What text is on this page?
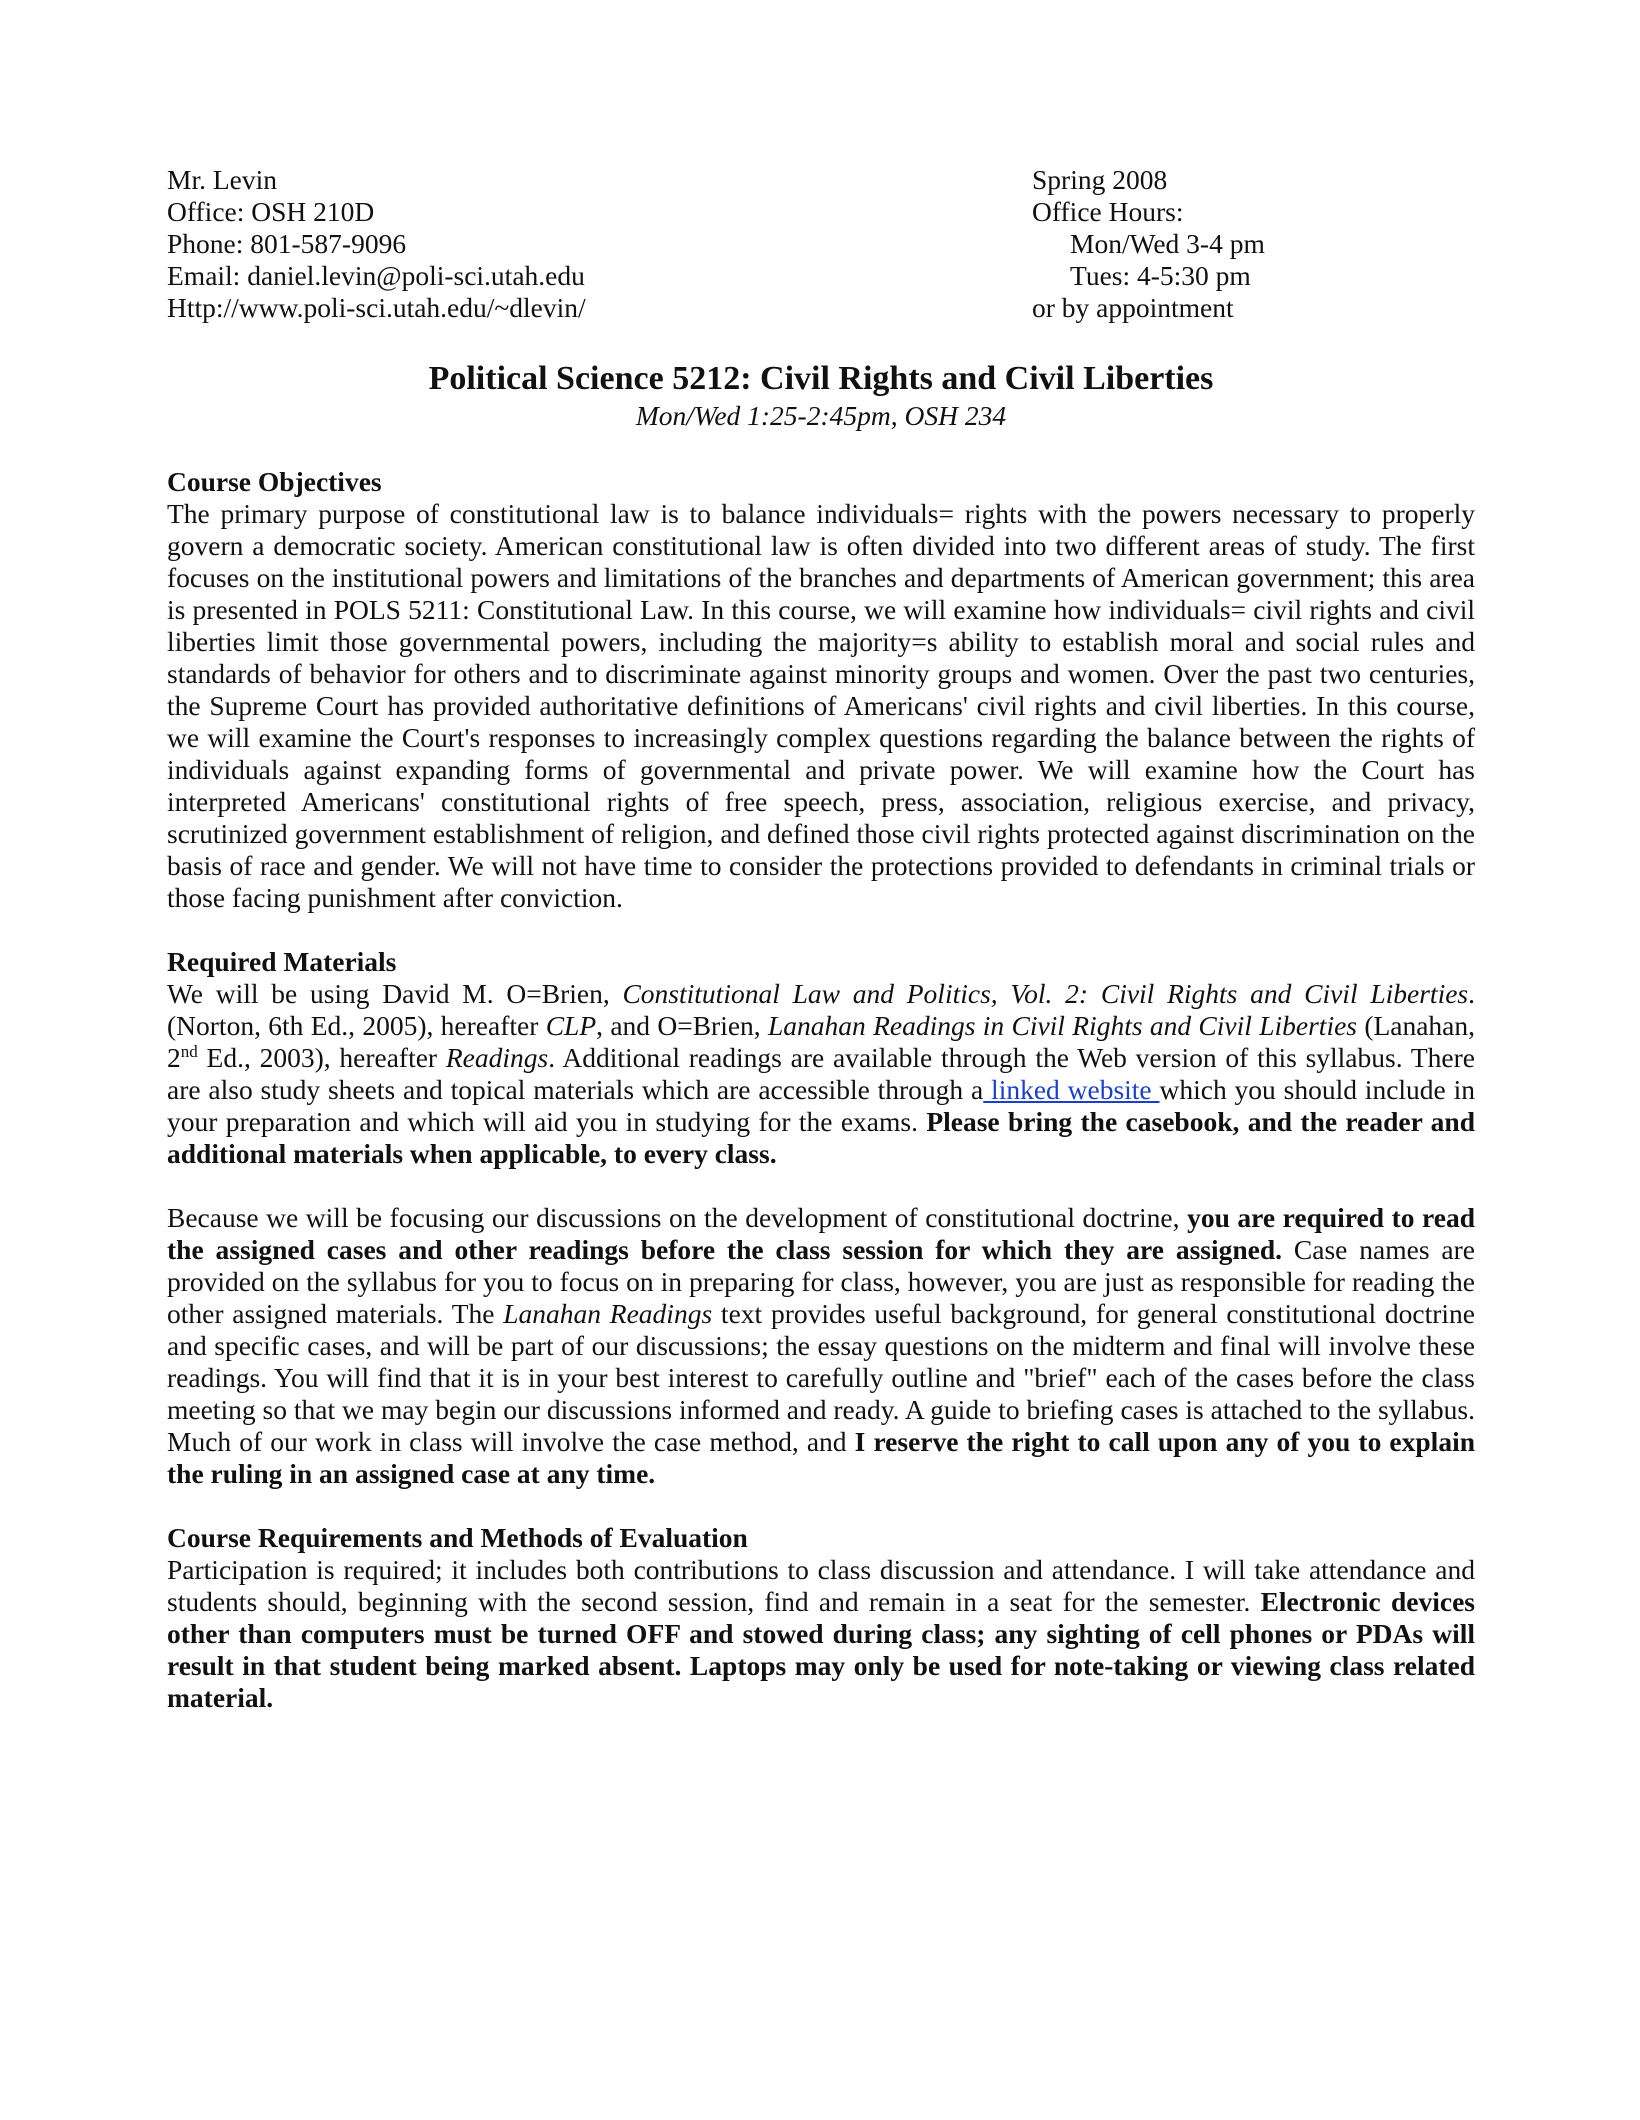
Mr. Levin
Office: OSH 210D
Phone: 801-587-9096
Email: daniel.levin@poli-sci.utah.edu
Http://www.poli-sci.utah.edu/~dlevin/
Spring 2008
Office Hours:
Mon/Wed 3-4 pm
Tues: 4-5:30 pm
or by appointment
Political Science 5212: Civil Rights and Civil Liberties
Mon/Wed 1:25-2:45pm, OSH 234
Course Objectives

The primary purpose of constitutional law is to balance individuals= rights with the powers necessary to properly govern a democratic society. American constitutional law is often divided into two different areas of study. The first focuses on the institutional powers and limitations of the branches and departments of American government; this area is presented in POLS 5211: Constitutional Law. In this course, we will examine how individuals= civil rights and civil liberties limit those governmental powers, including the majority=s ability to establish moral and social rules and standards of behavior for others and to discriminate against minority groups and women. Over the past two centuries, the Supreme Court has provided authoritative definitions of Americans' civil rights and civil liberties. In this course, we will examine the Court's responses to increasingly complex questions regarding the balance between the rights of individuals against expanding forms of governmental and private power. We will examine how the Court has interpreted Americans' constitutional rights of free speech, press, association, religious exercise, and privacy, scrutinized government establishment of religion, and defined those civil rights protected against discrimination on the basis of race and gender. We will not have time to consider the protections provided to defendants in criminal trials or those facing punishment after conviction.

Required Materials

We will be using David M. O=Brien, Constitutional Law and Politics, Vol. 2: Civil Rights and Civil Liberties. (Norton, 6th Ed., 2005), hereafter CLP, and O=Brien, Lanahan Readings in Civil Rights and Civil Liberties (Lanahan, 2nd Ed., 2003), hereafter Readings. Additional readings are available through the Web version of this syllabus. There are also study sheets and topical materials which are accessible through a linked website which you should include in your preparation and which will aid you in studying for the exams. Please bring the casebook, and the reader and additional materials when applicable, to every class.

Because we will be focusing our discussions on the development of constitutional doctrine, you are required to read the assigned cases and other readings before the class session for which they are assigned. Case names are provided on the syllabus for you to focus on in preparing for class, however, you are just as responsible for reading the other assigned materials. The Lanahan Readings text provides useful background, for general constitutional doctrine and specific cases, and will be part of our discussions; the essay questions on the midterm and final will involve these readings. You will find that it is in your best interest to carefully outline and "brief" each of the cases before the class meeting so that we may begin our discussions informed and ready. A guide to briefing cases is attached to the syllabus. Much of our work in class will involve the case method, and I reserve the right to call upon any of you to explain the ruling in an assigned case at any time.

Course Requirements and Methods of Evaluation

Participation is required; it includes both contributions to class discussion and attendance. I will take attendance and students should, beginning with the second session, find and remain in a seat for the semester. Electronic devices other than computers must be turned OFF and stowed during class; any sighting of cell phones or PDAs will result in that student being marked absent. Laptops may only be used for note-taking or viewing class related material.
